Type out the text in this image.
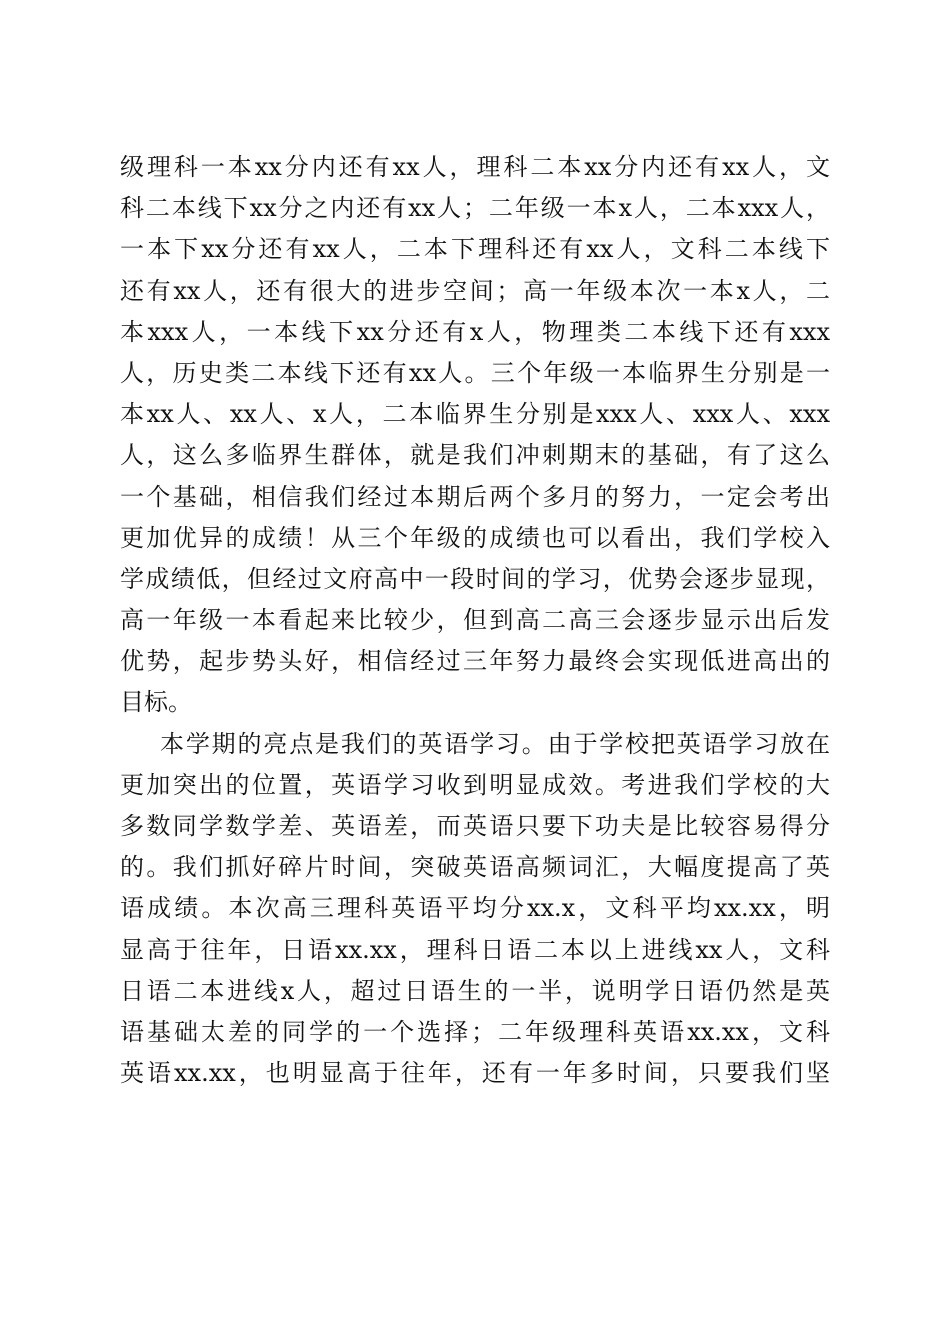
级理科一本xx分内还有xx人，理科二本xx分内还有xx人，文
科二本线下xx分之内还有xx人；二年级一本x人，二本xxx人，
一本下xx分还有xx人，二本下理科还有xx人，文科二本线下
还有xx人，还有很大的进步空间；高一年级本次一本x人，二
本xxx人，一本线下xx分还有x人，物理类二本线下还有xxx
人，历史类二本线下还有xx人。三个年级一本临界生分别是一
本xx人、xx人、x人，二本临界生分别是xxx人、xxx人、xxx
人，这么多临界生群体，就是我们冲刺期末的基础，有了这么
一个基础，相信我们经过本期后两个多月的努力，一定会考出
更加优异的成绩！从三个年级的成绩也可以看出，我们学校入
学成绩低，但经过文府高中一段时间的学习，优势会逐步显现，
高一年级一本看起来比较少，但到高二高三会逐步显示出后发
优势，起步势头好，相信经过三年努力最终会实现低进高出的
目标。
本学期的亮点是我们的英语学习。由于学校把英语学习放在
更加突出的位置，英语学习收到明显成效。考进我们学校的大
多数同学数学差、英语差，而英语只要下功夫是比较容易得分
的。我们抓好碎片时间，突破英语高频词汇，大幅度提高了英
语成绩。本次高三理科英语平均分xx.x，文科平均xx.xx，明
显高于往年，日语xx.xx，理科日语二本以上进线xx人，文科
日语二本进线x人，超过日语生的一半，说明学日语仍然是英
语基础太差的同学的一个选择；二年级理科英语xx.xx，文科
英语xx.xx，也明显高于往年，还有一年多时间，只要我们坚
